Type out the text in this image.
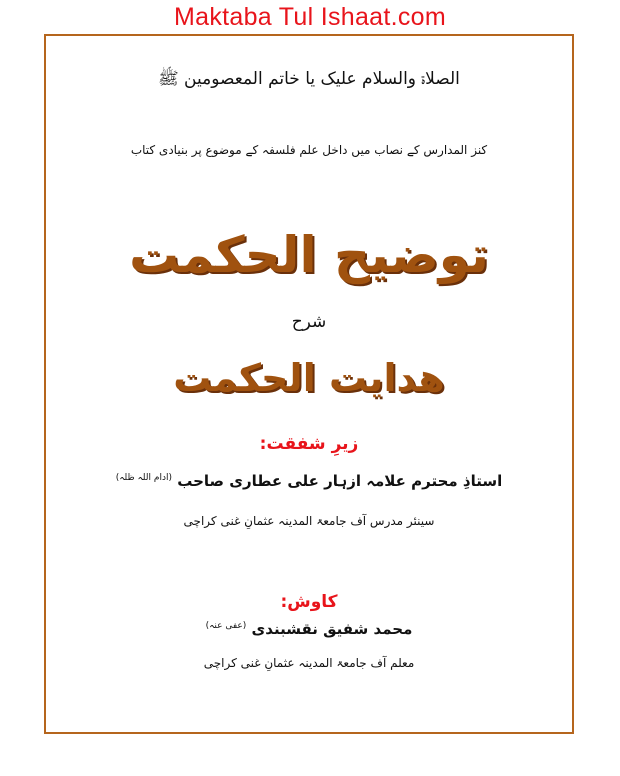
Maktaba Tul Ishaat.com
الصلاۃ والسلام علیک یا خاتم المعصومین ﷺ
کنز المدارس کے نصاب میں داخل علم فلسفہ کے موضوع پر بنیادی کتاب
توضیح الحکمت
شرح
ھدایت الحکمت
زیرِ شفقت:
استاذِ محترم علامہ ازہار علی عطاری صاحب $^{(ادام اللہ ظلہ)}$
سینئر مدرس آف جامعۃ المدینہ عثمانِ غنی کراچی
کاوش:
محمد شفیق نقشبندی $^{(عفی عنہ)}$
معلم آف جامعۃ المدینہ عثمانِ غنی کراچی
